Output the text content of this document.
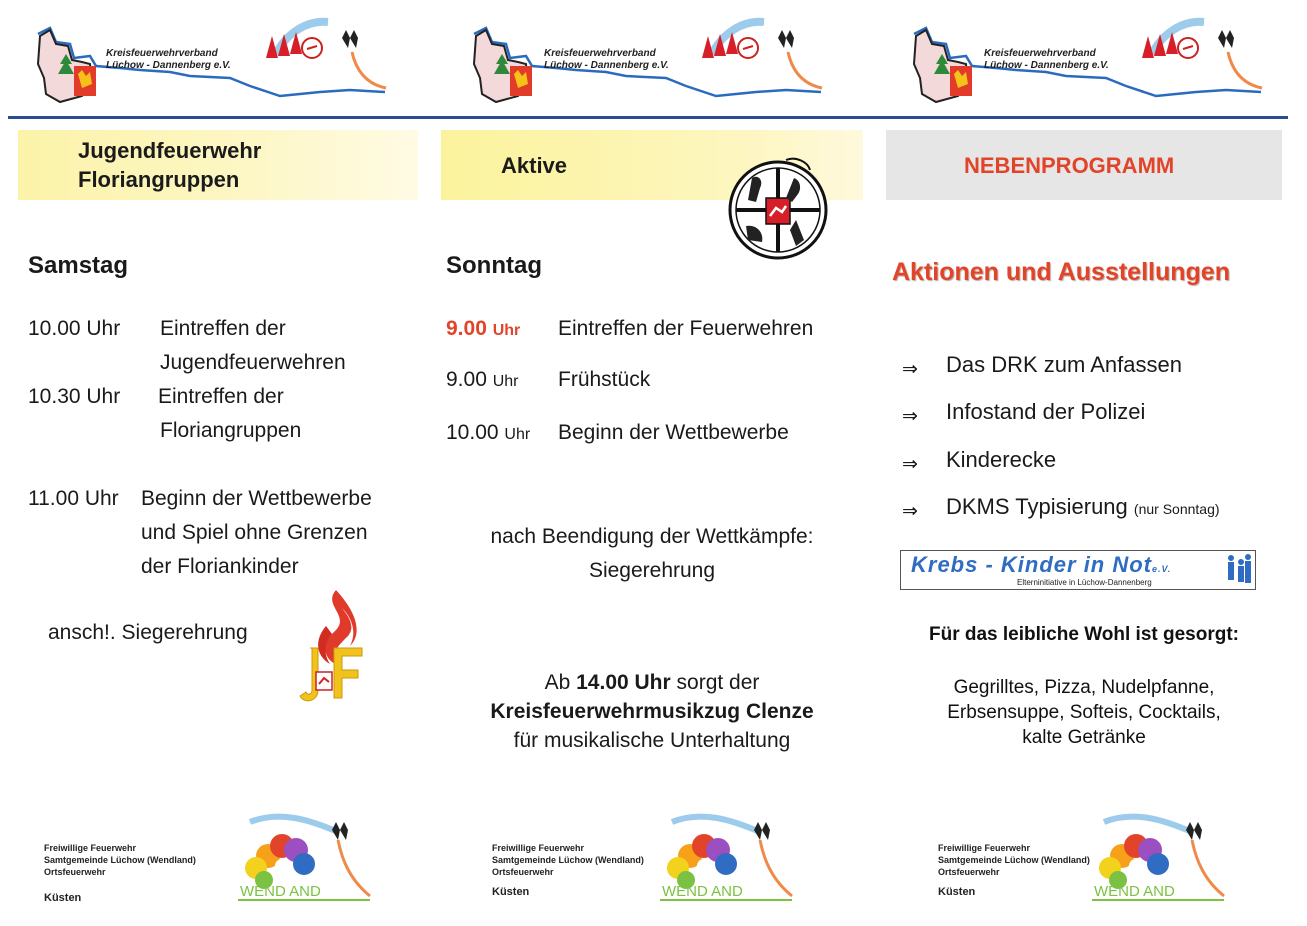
Kreisfeuerwehrverband
Lüchow - Dannenberg e.V.
Kreisfeuerwehrverband
Lüchow - Dannenberg e.V.
Kreisfeuerwehrverband
Lüchow - Dannenberg e.V.
Jugendfeuerwehr
Floriangruppen
Samstag
10.00 Uhr Eintreffen der
Jugendfeuerwehren
10.30 Uhr Eintreffen der
Floriangruppen
11.00 Uhr Beginn der Wettbewerbe
und Spiel ohne Grenzen
der Floriankinder
ansch!. Siegerehrung
Aktive
Sonntag
9.00 Uhr Eintreffen der Feuerwehren
9.00 Uhr Frühstück
10.00 Uhr Beginn der Wettbewerbe
nach Beendigung der Wettkämpfe:
Siegerehrung
Ab 14.00 Uhr sorgt der
Kreisfeuerwehrmusikzug Clenze
für musikalische Unterhaltung
NEBENPROGRAMM
Aktionen und Ausstellungen
⇒ Das DRK zum Anfassen
⇒ Infostand der Polizei
⇒ Kinderecke
⇒ DKMS Typisierung (nur Sonntag)
Krebs - Kinder in Note.V.
Elterninitiative in Lüchow-Dannenberg
Für das leibliche Wohl ist gesorgt:
Gegrilltes, Pizza, Nudelpfanne,
Erbsensuppe, Softeis, Cocktails,
kalte Getränke
Freiwillige Feuerwehr
Samtgemeinde Lüchow (Wendland)
Ortsfeuerwehr
Küsten	WEND AND
Freiwillige Feuerwehr
Samtgemeinde Lüchow (Wendland)
Ortsfeuerwehr
Küsten	WEND AND
Freiwillige Feuerwehr
Samtgemeinde Lüchow (Wendland)
Ortsfeuerwehr
Küsten	WEND AND
